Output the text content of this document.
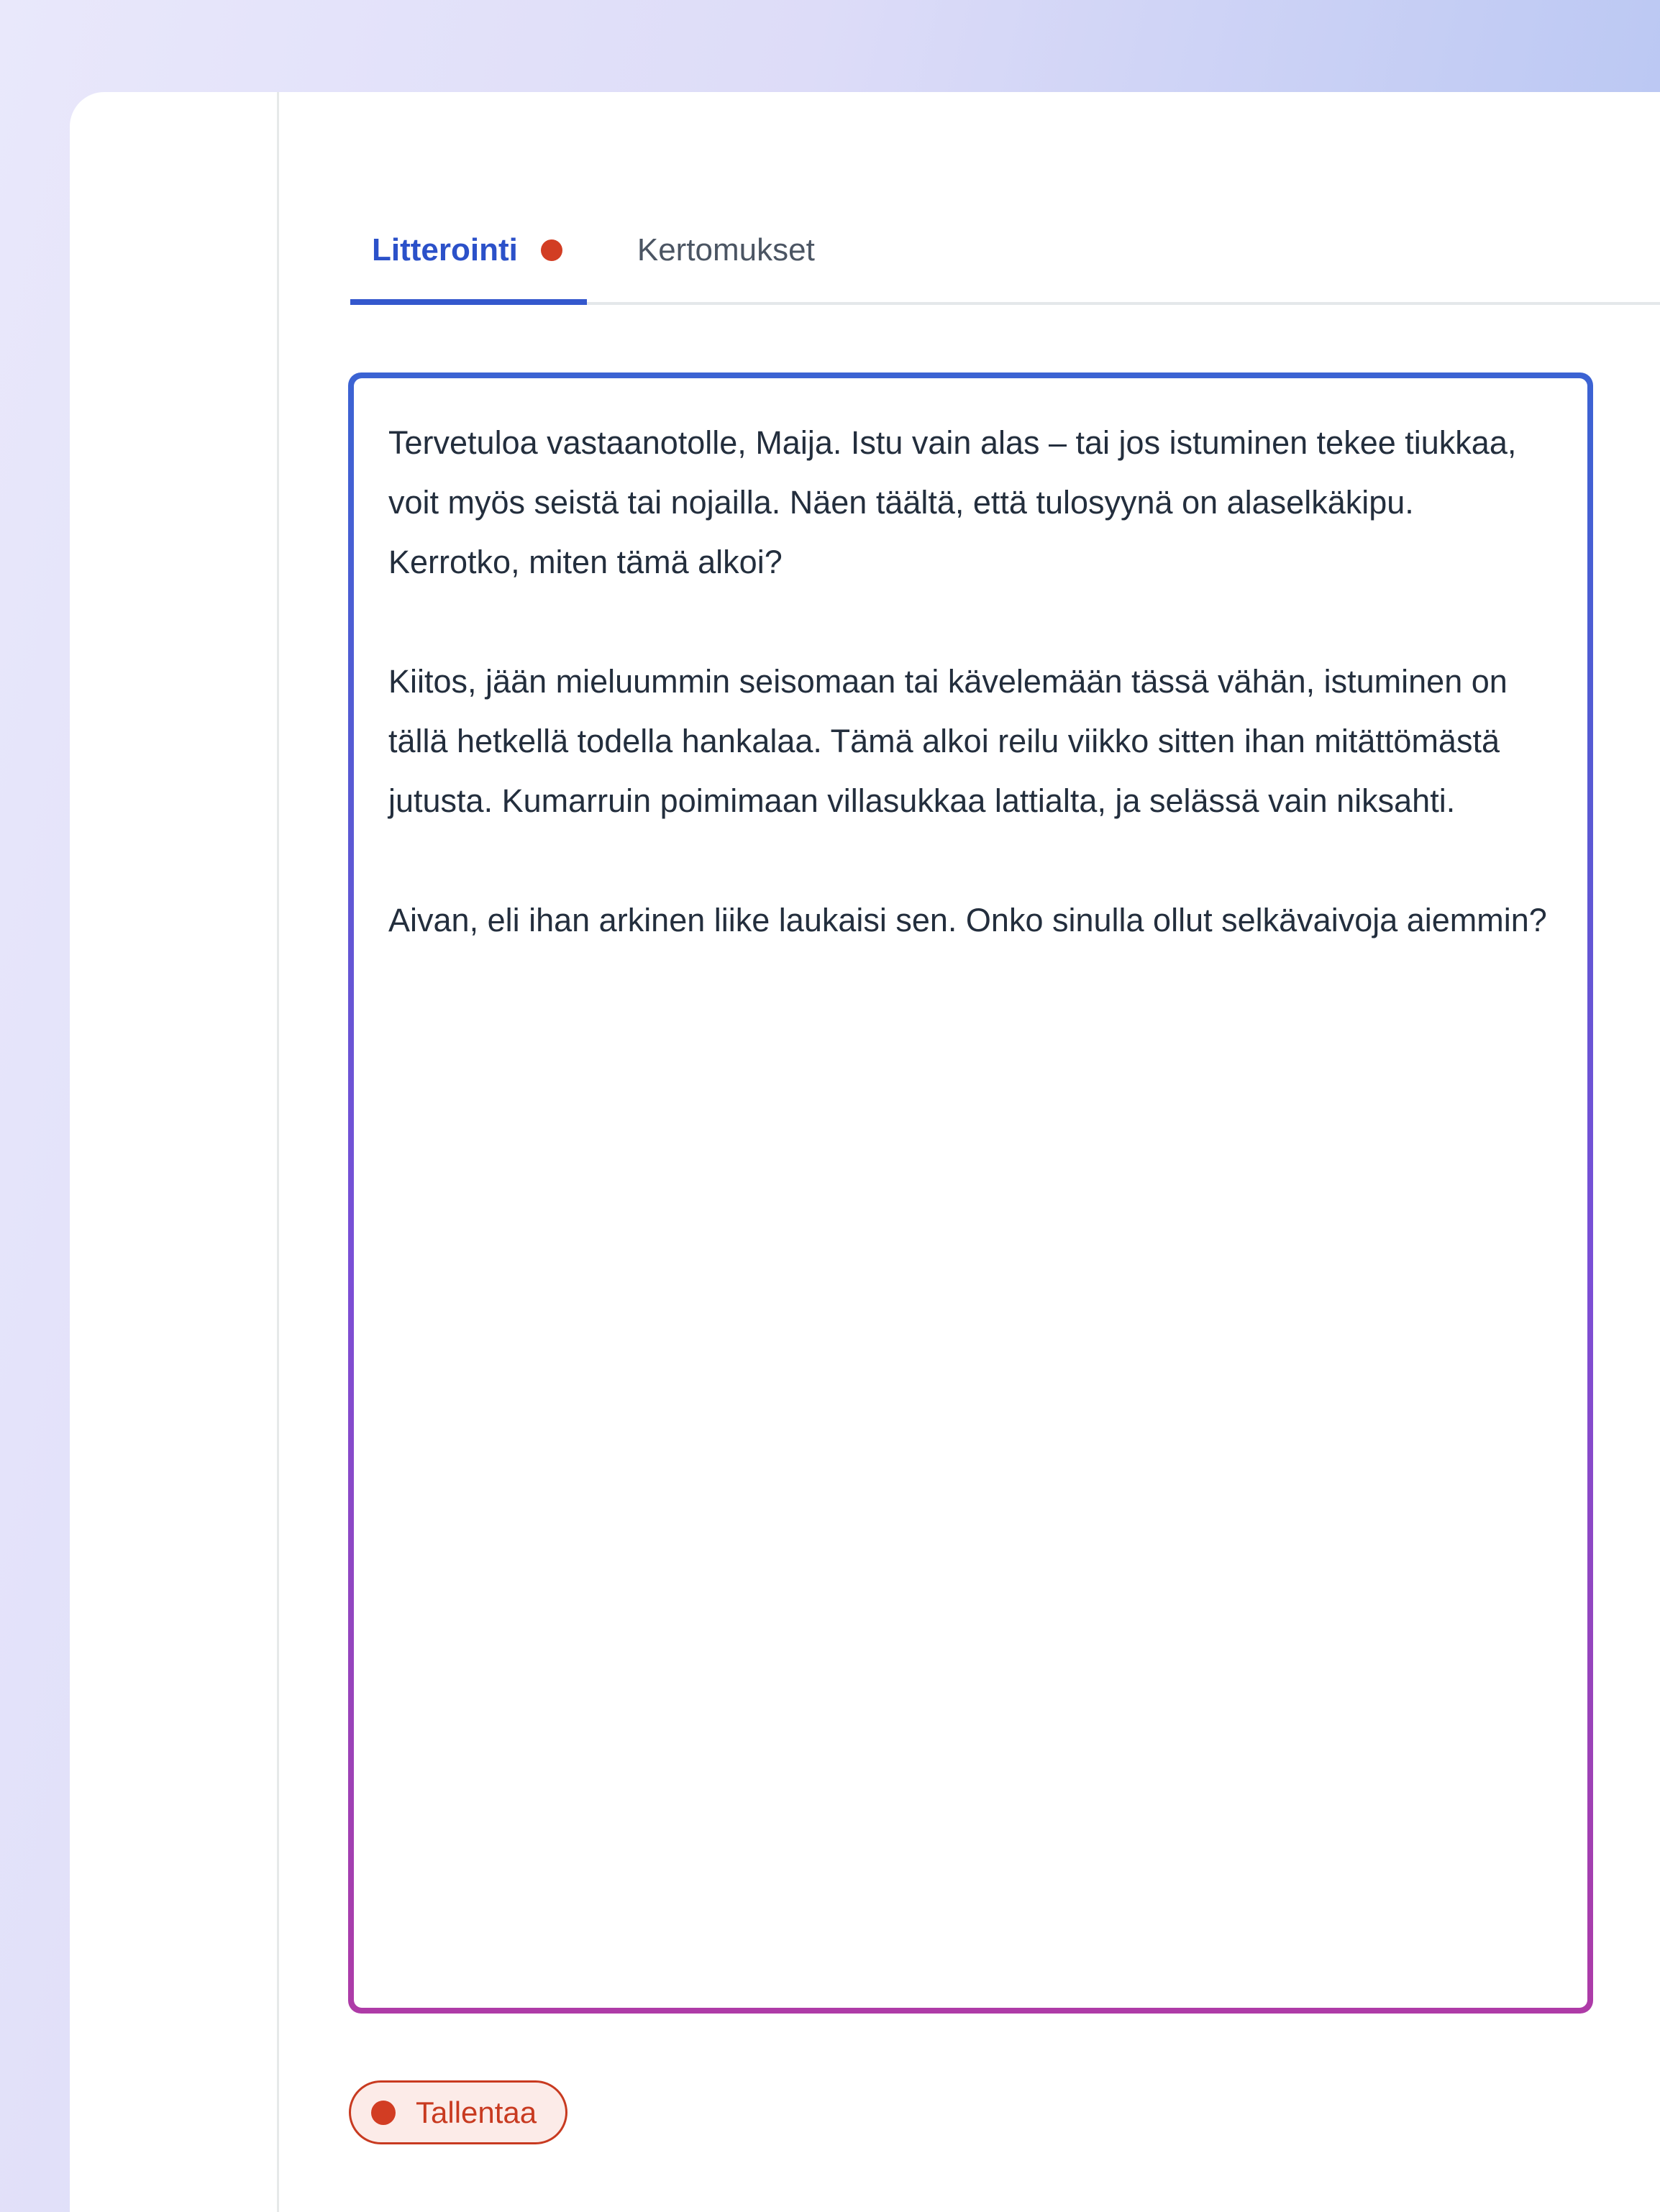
Litterointi	Kertomukset

Tervetuloa vastaanotolle, Maija. Istu vain alas – tai jos istuminen tekee tiukkaa, voit myös seistä tai nojailla. Näen täältä, että tulosyynä on alaselkäkipu. Kerrotko, miten tämä alkoi?

Kiitos, jään mieluummin seisomaan tai kävelemään tässä vähän, istuminen on tällä hetkellä todella hankalaa. Tämä alkoi reilu viikko sitten ihan mitättömästä jutusta. Kumarruin poimimaan villasukkaa lattialta, ja selässä vain niksahti.

Aivan, eli ihan arkinen liike laukaisi sen. Onko sinulla ollut selkävaivoja aiemmin?

Tallentaa
